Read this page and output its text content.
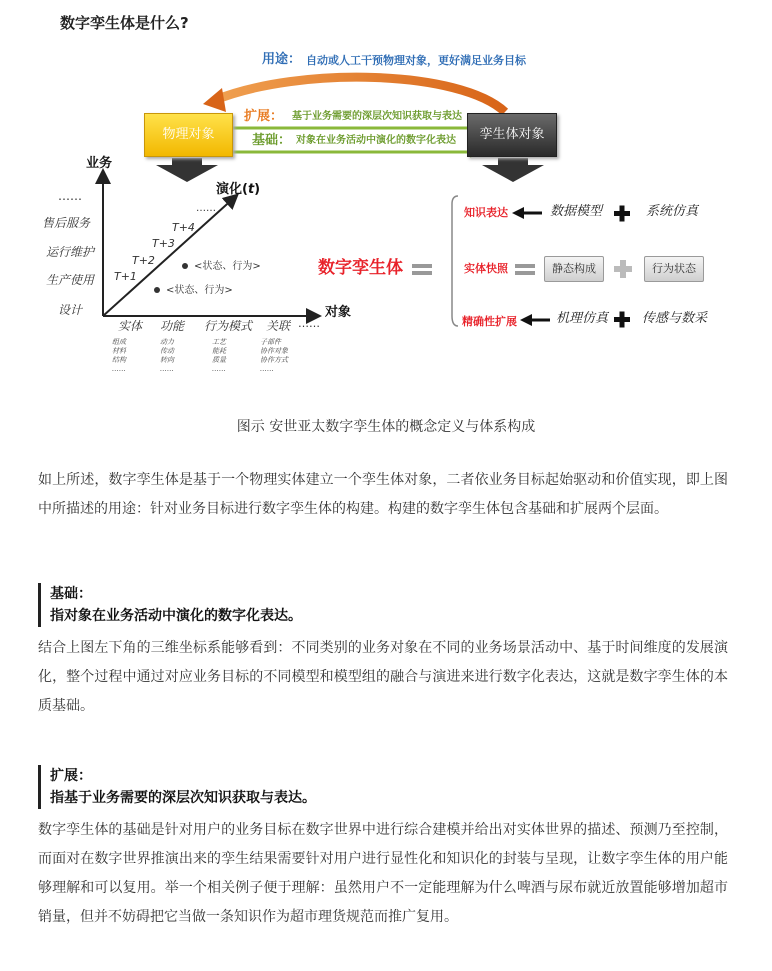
数字孪生体是什么?
用途： 自动或人工干预物理对象，更好满足业务目标
扩展： 基于业务需要的深层次知识获取与表达
基础： 对象在业务活动中演化的数字化表达
物理对象	孪生体对象
业务
对象
演化(t)
……
售后服务
运行维护
生产使用
设计
T+1
T+2
T+3
T+4
……
<状态、行为>
<状态、行为>
实体 功能 行为模式 关联 ……
组成
材料
结构
……
动力
传动
转向
……
工艺
能耗
质量
……
子部件
协作对象
协作方式
……
数字孪生体
知识表达	数据模型	系统仿真
实体快照	静态构成	行为状态
精确性扩展	机理仿真	传感与数采
图示 安世亚太数字孪生体的概念定义与体系构成
如上所述，数字孪生体是基于一个物理实体建立一个孪生体对象，二者依业务目标起始驱动和价值实现，即上图中所描述的用途：针对业务目标进行数字孪生体的构建。构建的数字孪生体包含基础和扩展两个层面。
基础：
指对象在业务活动中演化的数字化表达。
结合上图左下角的三维坐标系能够看到：不同类别的业务对象在不同的业务场景活动中、基于时间维度的发展演化，整个过程中通过对应业务目标的不同模型和模型组的融合与演进来进行数字化表达，这就是数字孪生体的本质基础。
扩展：
指基于业务需要的深层次知识获取与表达。
数字孪生体的基础是针对用户的业务目标在数字世界中进行综合建模并给出对实体世界的描述、预测乃至控制，而面对在数字世界推演出来的孪生结果需要针对用户进行显性化和知识化的封装与呈现，让数字孪生体的用户能够理解和可以复用。举一个相关例子便于理解：虽然用户不一定能理解为什么啤酒与尿布就近放置能够增加超市销量，但并不妨碍把它当做一条知识作为超市理货规范而推广复用。
